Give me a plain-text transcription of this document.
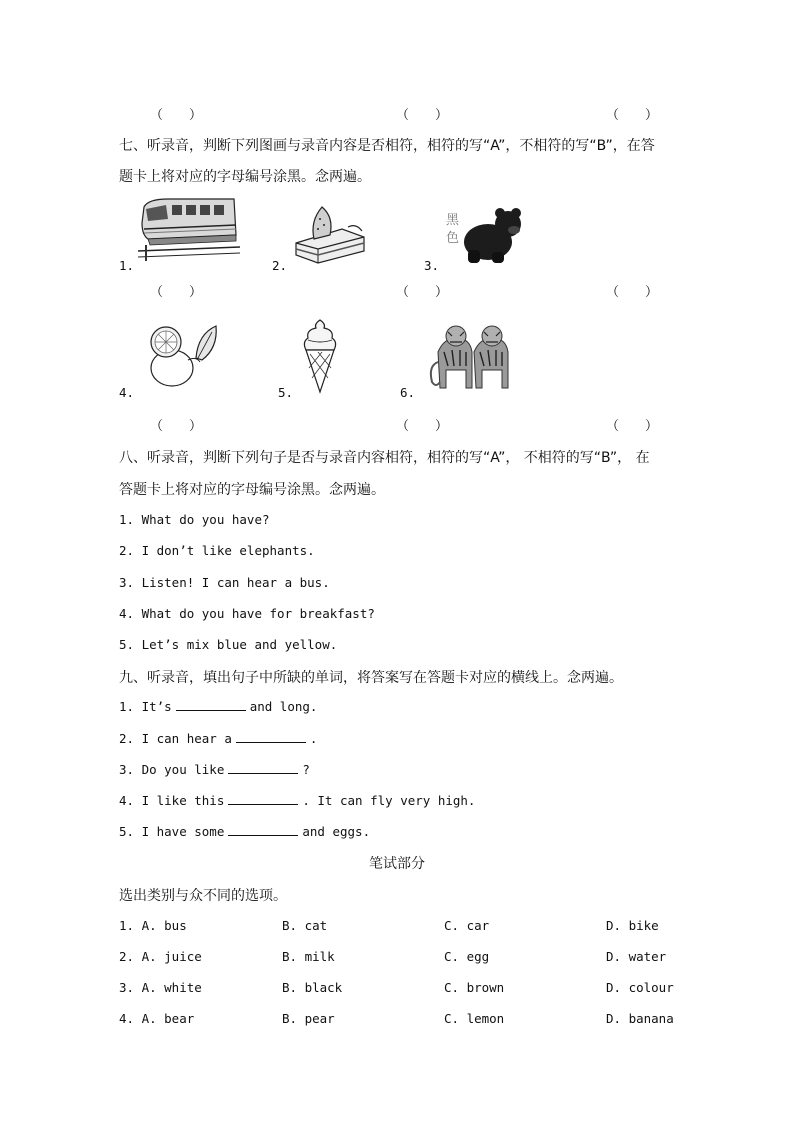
（　　）	（　　）	（　　）
七、听录音，判断下列图画与录音内容是否相符，相符的写“A”，不相符的写“B”，在答
题卡上将对应的字母编号涂黑。念两遍。
1.	2.	3.
黑色
（　　）	（　　）	（　　）
4.	5.	6.
（　　）	（　　）	（　　）
八、听录音，判断下列句子是否与录音内容相符，相符的写“A”， 不相符的写“B”， 在
答题卡上将对应的字母编号涂黑。念两遍。
1. What do you have?
2. I don’t like elephants.
3. Listen! I can hear a bus.
4. What do you have for breakfast?
5. Let’s mix blue and yellow.
九、听录音，填出句子中所缺的单词，将答案写在答题卡对应的横线上。念两遍。
1. It’s	and long.
2. I can hear a	.
3. Do you like	?
4. I like this	. It can fly very high.
5. I have some	and eggs.
笔试部分
选出类别与众不同的选项。
1. A. bus	B. cat	C. car	D. bike
2. A. juice	B. milk	C. egg	D. water
3. A. white	B. black	C. brown	D. colour
4. A. bear	B. pear	C. lemon	D. banana
